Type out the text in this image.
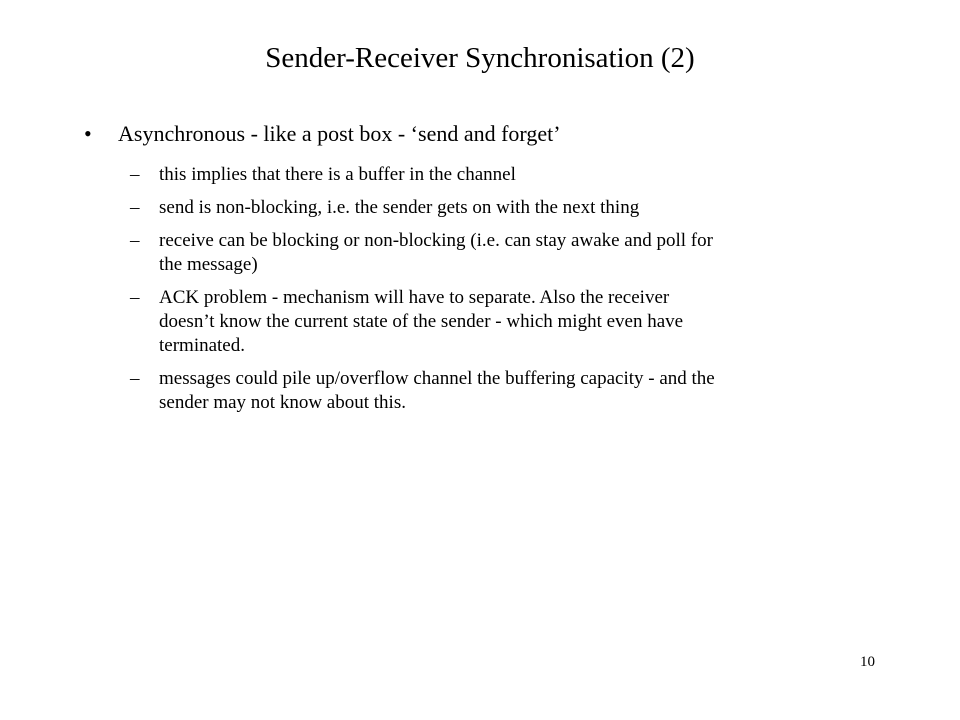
Sender-Receiver Synchronisation (2)
• Asynchronous - like a post box - ‘send and forget’
– this implies that there is a buffer in the channel
– send is non-blocking, i.e. the sender gets on with the next thing
– receive can be blocking or non-blocking (i.e. can stay awake and poll for
the message)
– ACK problem - mechanism will have to separate. Also the receiver
doesn’t know the current state of the sender - which might even have
terminated.
– messages could pile up/overflow channel the buffering capacity - and the
sender may not know about this.
10
